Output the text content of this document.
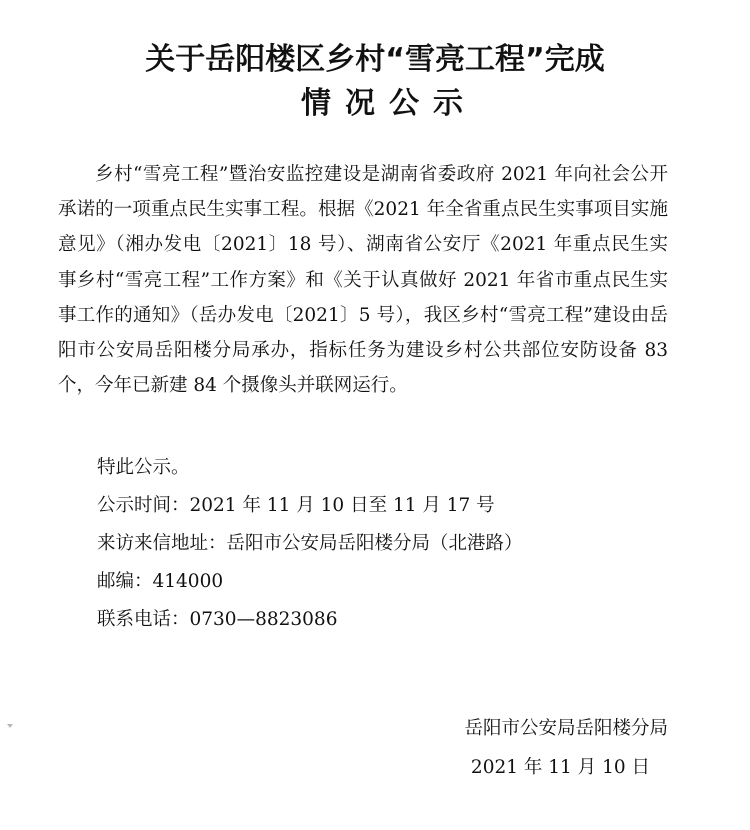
关于岳阳楼区乡村“雪亮工程”完成
情况公示

乡村“雪亮工程”暨治安监控建设是湖南省委政府 2021 年向社会公开承诺的一项重点民生实事工程。根据《2021 年全省重点民生实事项目实施意见》（湘办发电〔2021〕18 号）、湖南省公安厅《2021 年重点民生实事乡村“雪亮工程”工作方案》和《关于认真做好 2021 年省市重点民生实事工作的通知》（岳办发电〔2021〕5 号），我区乡村“雪亮工程”建设由岳阳市公安局岳阳楼分局承办，指标任务为建设乡村公共部位安防设备 83 个，今年已新建 84 个摄像头并联网运行。

特此公示。

公示时间：2021 年 11 月 10 日至 11 月 17 号

来访来信地址：岳阳市公安局岳阳楼分局（北港路）

邮编：414000

联系电话：0730—8823086

岳阳市公安局岳阳楼分局

2021 年 11 月 10 日
